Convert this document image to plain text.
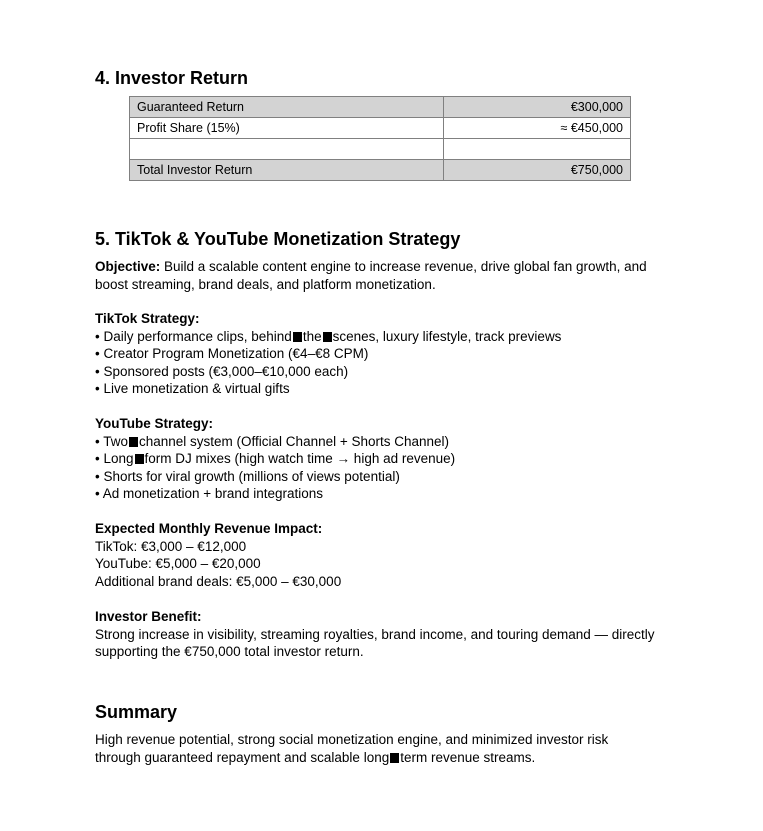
4. Investor Return
Guaranteed Return	€300,000
Profit Share (15%)	≈ €450,000

Total Investor Return	€750,000
5. TikTok & YouTube Monetization Strategy

Objective: Build a scalable content engine to increase revenue, drive global fan growth, and

boost streaming, brand deals, and platform monetization.

TikTok Strategy:

• Daily performance clips, behind the scenes, luxury lifestyle, track previews

• Creator Program Monetization (€4–€8 CPM)

• Sponsored posts (€3,000–€10,000 each)

• Live monetization & virtual gifts

YouTube Strategy:

• Two channel system (Official Channel + Shorts Channel)

• Long form DJ mixes (high watch time → high ad revenue)

• Shorts for viral growth (millions of views potential)

• Ad monetization + brand integrations

Expected Monthly Revenue Impact:

TikTok: €3,000 – €12,000

YouTube: €5,000 – €20,000

Additional brand deals: €5,000 – €30,000

Investor Benefit:

Strong increase in visibility, streaming royalties, brand income, and touring demand — directly

supporting the €750,000 total investor return.

Summary

High revenue potential, strong social monetization engine, and minimized investor risk

through guaranteed repayment and scalable long term revenue streams.
